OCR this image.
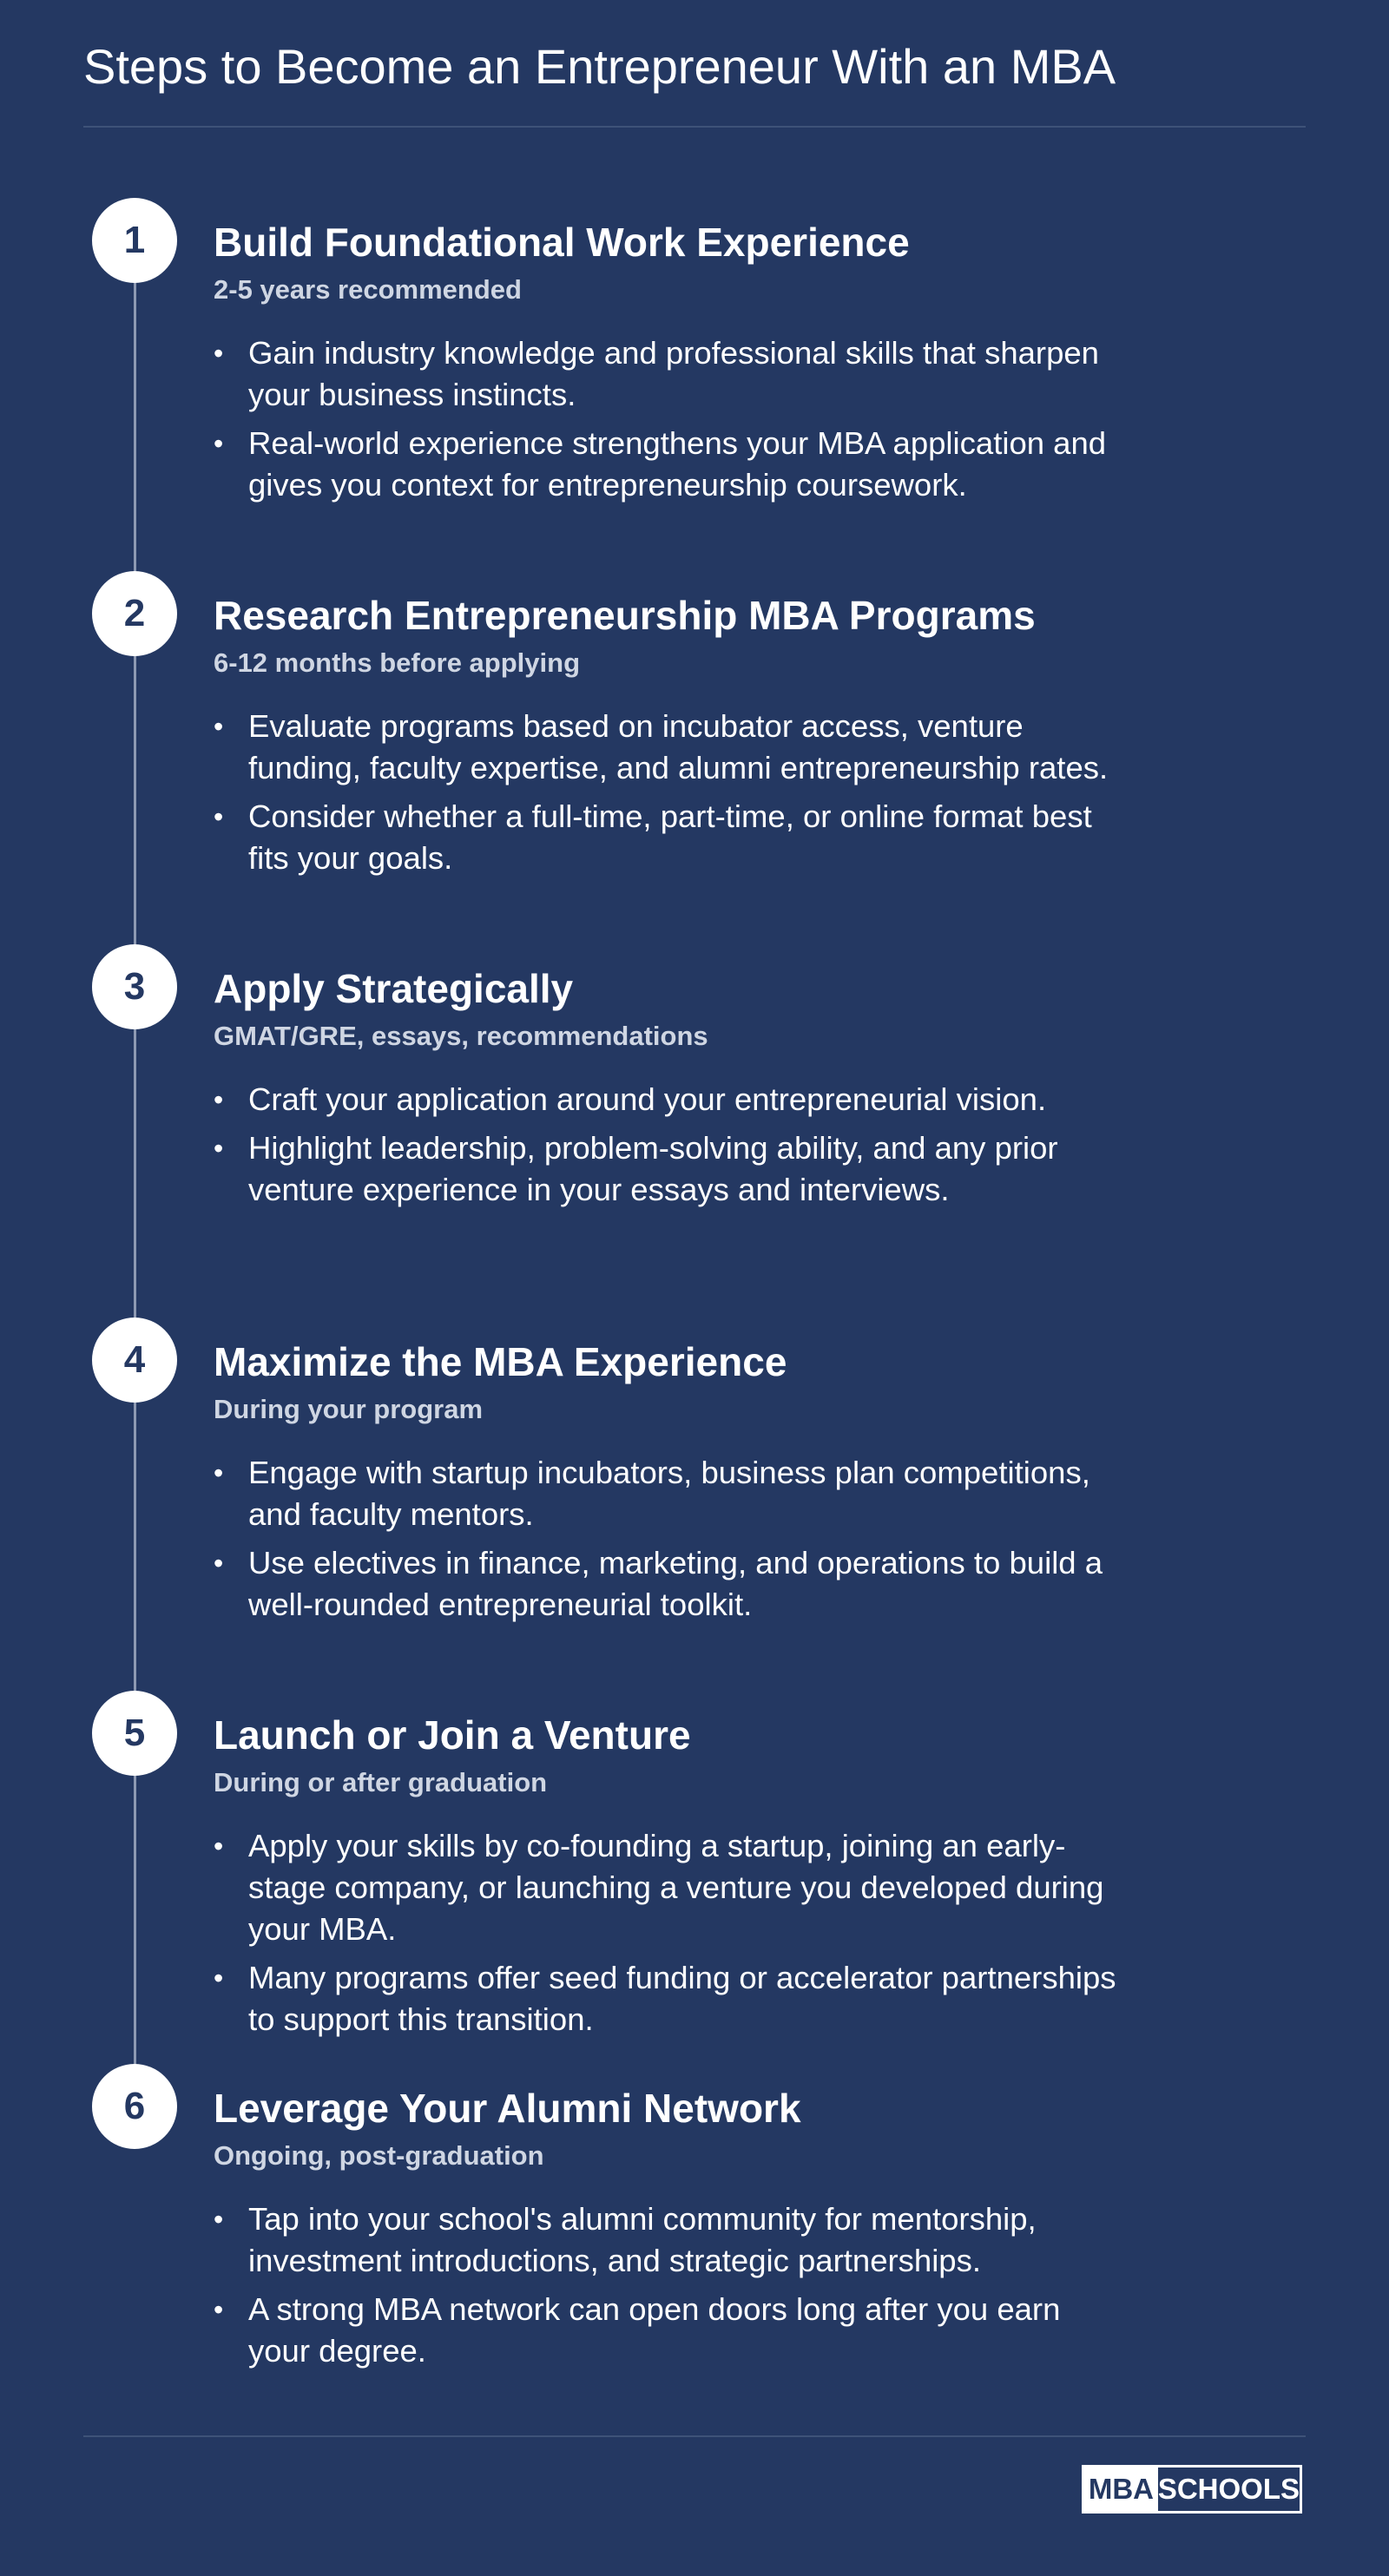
Steps to Become an Entrepreneur With an MBA
1	Build Foundational Work Experience
2-5 years recommended
• Gain industry knowledge and professional skills that sharpen your business instincts.
• Real-world experience strengthens your MBA application and gives you context for entrepreneurship coursework.
2	Research Entrepreneurship MBA Programs
6-12 months before applying
• Evaluate programs based on incubator access, venture funding, faculty expertise, and alumni entrepreneurship rates.
• Consider whether a full-time, part-time, or online format best fits your goals.
3	Apply Strategically
GMAT/GRE, essays, recommendations
• Craft your application around your entrepreneurial vision.
• Highlight leadership, problem-solving ability, and any prior venture experience in your essays and interviews.
4	Maximize the MBA Experience
During your program
• Engage with startup incubators, business plan competitions, and faculty mentors.
• Use electives in finance, marketing, and operations to build a well-rounded entrepreneurial toolkit.
5	Launch or Join a Venture
During or after graduation
• Apply your skills by co-founding a startup, joining an early-stage company, or launching a venture you developed during your MBA.
• Many programs offer seed funding or accelerator partnerships to support this transition.
6	Leverage Your Alumni Network
Ongoing, post-graduation
• Tap into your school's alumni community for mentorship, investment introductions, and strategic partnerships.
• A strong MBA network can open doors long after you earn your degree.
MBA SCHOOLS
